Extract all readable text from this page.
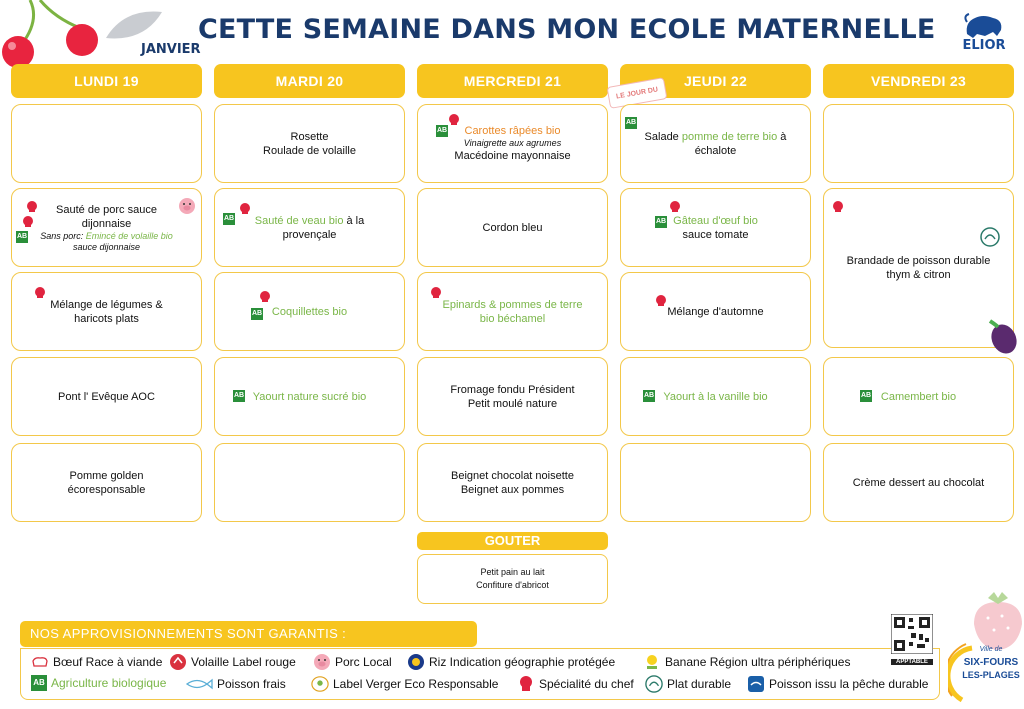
CETTE SEMAINE DANS MON ECOLE MATERNELLE
JANVIER	ELIOR
LUNDI 19	MARDI 20	MERCREDI 21	JEUDI 22	VENDREDI 23
LE JOUR DU
Rosette
Roulade de volaille
AB	Carottes râpées bio
Vinaigrette aux agrumes
Macédoine mayonnaise
AB
Salade pomme de terre bio à
échalote
AB
Sauté de porc sauce
dijonnaise
Sans porc: Emincé de volaille bio
sauce dijonnaise
AB Sauté de veau bio à la
provençale
Cordon bleu	AB Gâteau d'œuf bio
sauce tomate
Brandade de poisson durable
thym & citron
Mélange de légumes &
haricots plats	AB Coquillettes bio
Epinards & pommes de terre
bio béchamel
Mélange d'automne
Pont l' Evêque AOC	AB Yaourt nature sucré bio
Fromage fondu Président
Petit moulé nature
AB Yaourt à la vanille bio	AB Camembert bio
Pomme golden
écoresponsable
Beignet chocolat noisette
Beignet aux pommes
Crème dessert au chocolat
GOUTER
Petit pain au lait
Confiture d'abricot
NOS APPROVISIONNEMENTS SONT GARANTIS :
Bœuf Race à viande Volaille Label rouge	Porc Local	Riz Indication géographie protégée	Banane Région ultra périphériques
AB Agriculture biologique	Poisson frais	Label Verger Eco Responsable	Spécialité du chef	Plat durable	Poisson issu la pêche durable
APPTABLE
Ville de
SIX-FOURS
LES-PLAGES
